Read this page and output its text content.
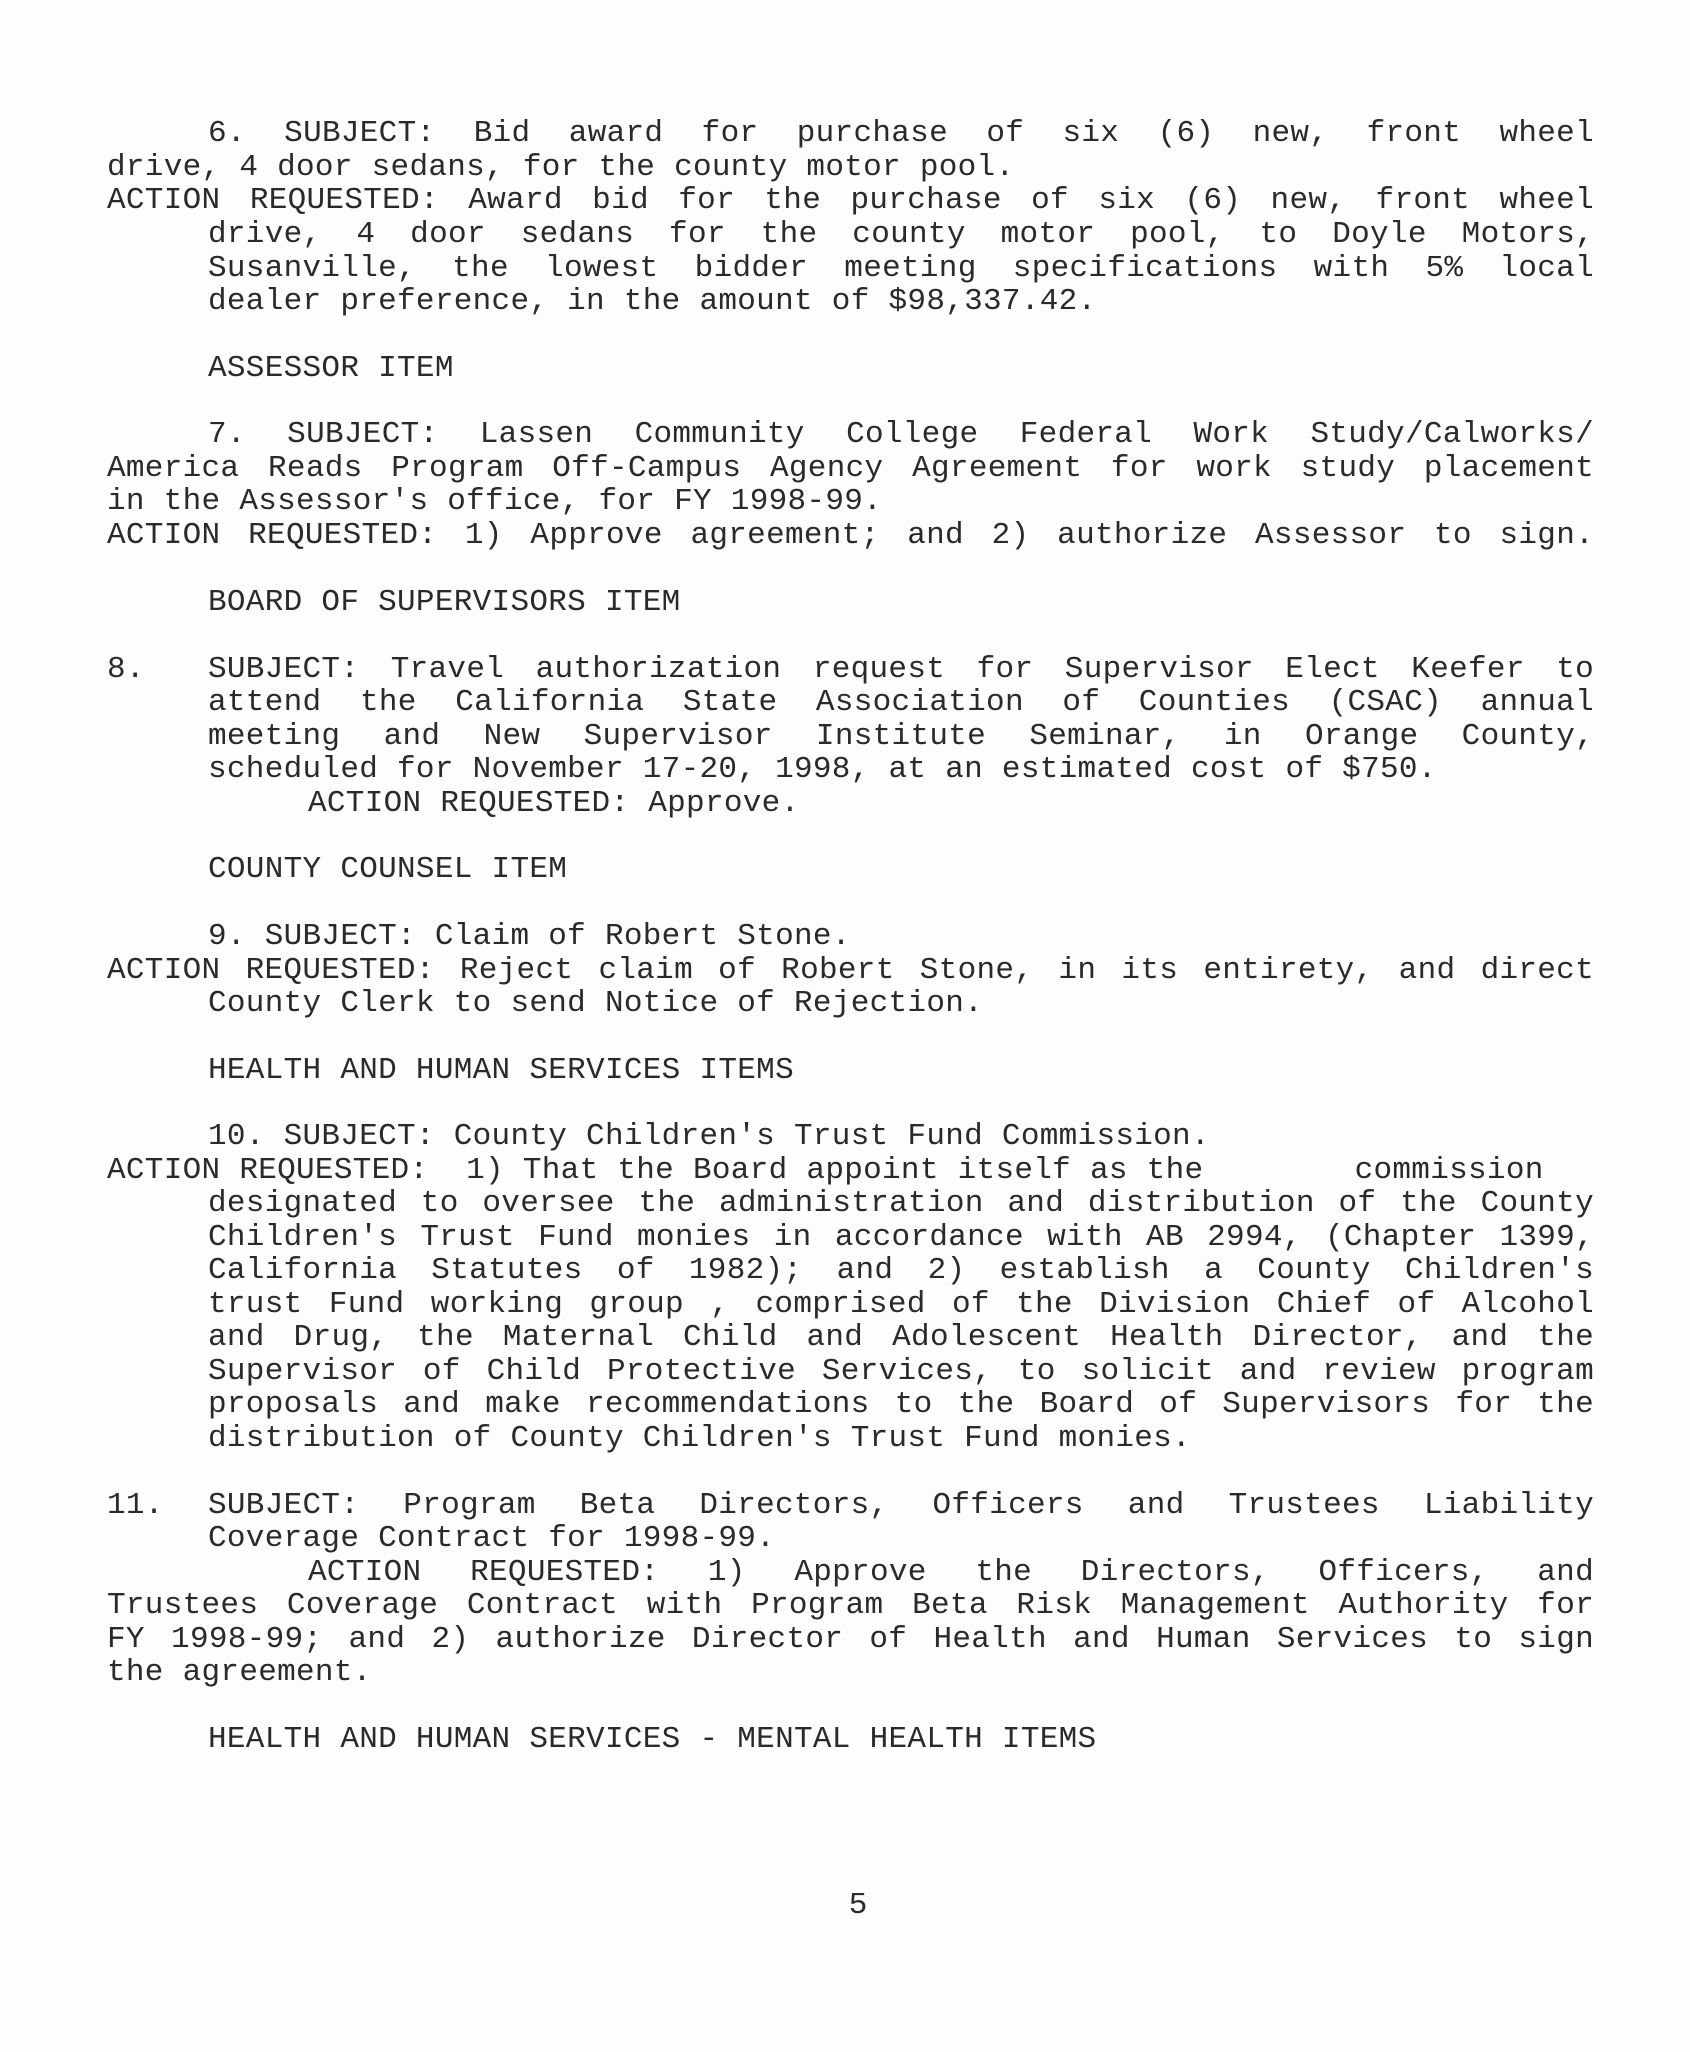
6. SUBJECT: Bid award for purchase of six (6) new, front wheel

drive, 4 door sedans, for the county motor pool.

ACTION REQUESTED: Award bid for the purchase of six (6) new, front wheel

drive, 4 door sedans for the county motor pool, to Doyle Motors,

Susanville, the lowest bidder meeting specifications with 5% local

dealer preference, in the amount of $98,337.42.

ASSESSOR ITEM

7. SUBJECT: Lassen Community College Federal Work Study/Calworks/

America Reads Program Off-Campus Agency Agreement for work study placement

in the Assessor's office, for FY 1998-99.

ACTION REQUESTED: 1) Approve agreement; and 2) authorize Assessor to sign.

BOARD OF SUPERVISORS ITEM

8. SUBJECT: Travel authorization request for Supervisor Elect Keefer to

attend the California State Association of Counties (CSAC) annual

meeting and New Supervisor Institute Seminar, in Orange County,

scheduled for November 17-20, 1998, at an estimated cost of $750.

ACTION REQUESTED: Approve.

COUNTY COUNSEL ITEM

9. SUBJECT: Claim of Robert Stone.

ACTION REQUESTED: Reject claim of Robert Stone, in its entirety, and direct

County Clerk to send Notice of Rejection.

HEALTH AND HUMAN SERVICES ITEMS

10. SUBJECT: County Children's Trust Fund Commission.

ACTION REQUESTED:  1) That the Board appoint itself as the        commission

designated to oversee the administration and distribution of the County

Children's Trust Fund monies in accordance with AB 2994, (Chapter 1399,

California Statutes of 1982); and 2) establish a County Children's

trust Fund working group , comprised of the Division Chief of Alcohol

and Drug, the Maternal Child and Adolescent Health Director, and the

Supervisor of Child Protective Services, to solicit and review program

proposals and make recommendations to the Board of Supervisors for the

distribution of County Children's Trust Fund monies.

11. SUBJECT: Program Beta Directors, Officers and Trustees Liability

Coverage Contract for 1998-99.

ACTION REQUESTED: 1) Approve the Directors, Officers, and

Trustees Coverage Contract with Program Beta Risk Management Authority for

FY 1998-99; and 2) authorize Director of Health and Human Services to sign

the agreement.

HEALTH AND HUMAN SERVICES - MENTAL HEALTH ITEMS

5
